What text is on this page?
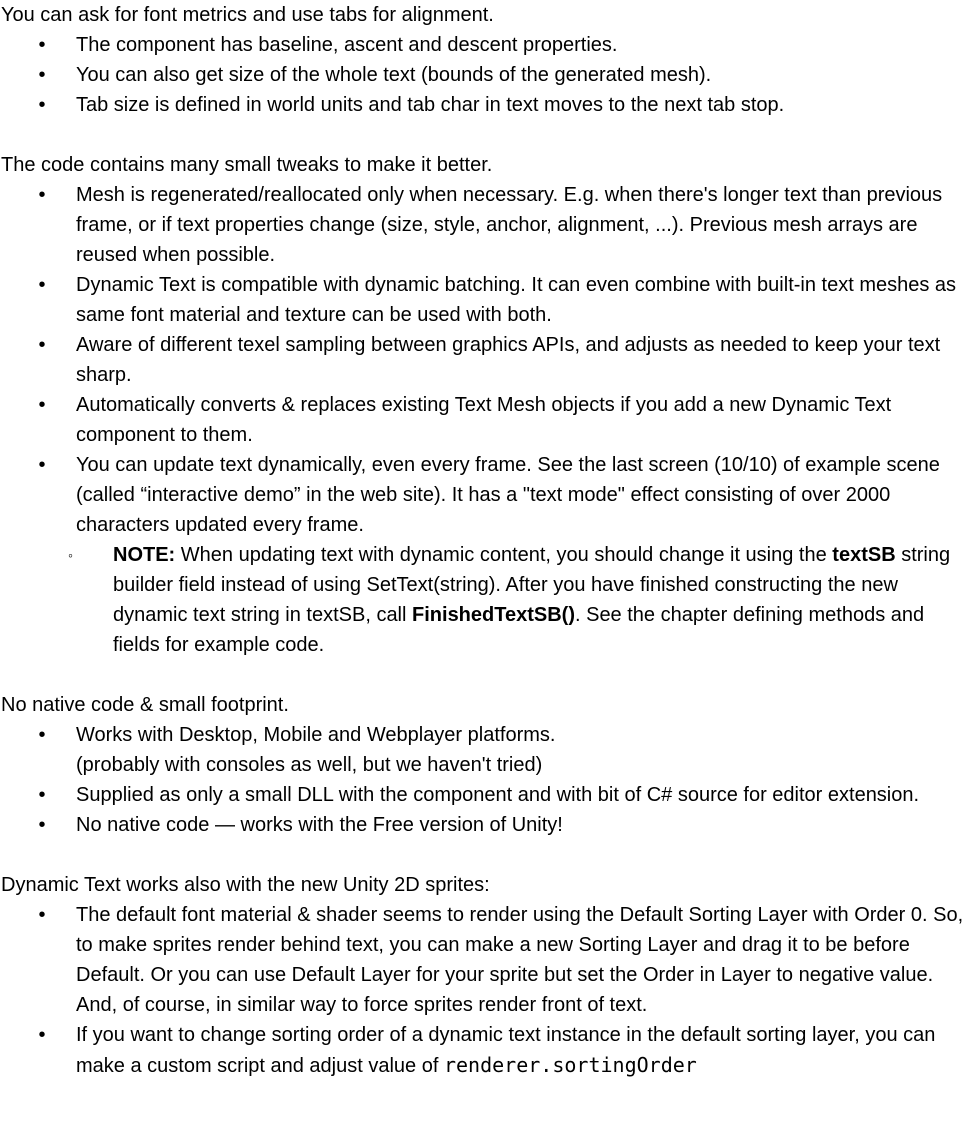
You can ask for font metrics and use tabs for alignment.

• The component has baseline, ascent and descent properties.
• You can also get size of the whole text (bounds of the generated mesh).
• Tab size is defined in world units and tab char in text moves to the next tab stop.

The code contains many small tweaks to make it better.

• Mesh is regenerated/reallocated only when necessary. E.g. when there's longer text than previous frame, or if text properties change (size, style, anchor, alignment, ...). Previous mesh arrays are reused when possible.
• Dynamic Text is compatible with dynamic batching. It can even combine with built-in text meshes as same font material and texture can be used with both.
• Aware of different texel sampling between graphics APIs, and adjusts as needed to keep your text sharp.
• Automatically converts & replaces existing Text Mesh objects if you add a new Dynamic Text component to them.
• You can update text dynamically, even every frame. See the last screen (10/10) of example scene (called “interactive demo” in the web site). It has a "text mode" effect consisting of over 2000 characters updated every frame.
◦ NOTE: When updating text with dynamic content, you should change it using the textSB string builder field instead of using SetText(string). After you have finished constructing the new dynamic text string in textSB, call FinishedTextSB(). See the chapter defining methods and fields for example code.

No native code & small footprint.

• Works with Desktop, Mobile and Webplayer platforms.
(probably with consoles as well, but we haven't tried)
• Supplied as only a small DLL with the component and with bit of C# source for editor extension.
• No native code — works with the Free version of Unity!

Dynamic Text works also with the new Unity 2D sprites:

• The default font material & shader seems to render using the Default Sorting Layer with Order 0. So, to make sprites render behind text, you can make a new Sorting Layer and drag it to be before Default. Or you can use Default Layer for your sprite but set the Order in Layer to negative value. And, of course, in similar way to force sprites render front of text.
• If you want to change sorting order of a dynamic text instance in the default sorting layer, you can make a custom script and adjust value of renderer.sortingOrder
